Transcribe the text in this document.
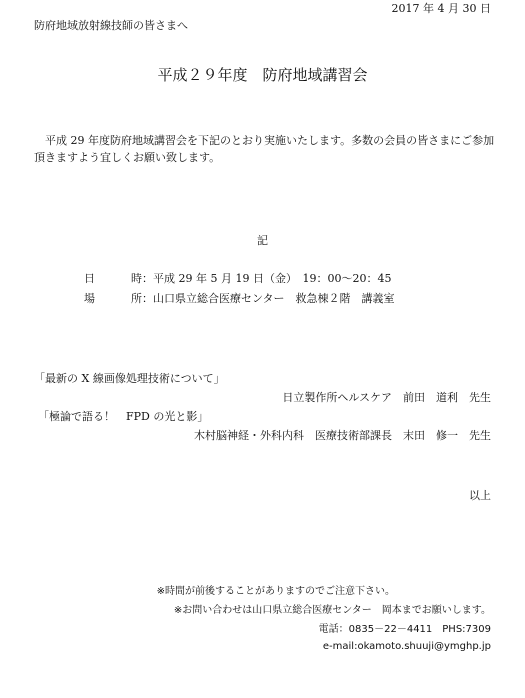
2017 年 4 月 30 日
防府地域放射線技師の皆さまへ
平成２９年度　防府地域講習会
平成 29 年度防府地域講習会を下記のとおり実施いたします。多数の会員の皆さまにご参加頂きますよう宜しくお願い致します。
記
日	時 ：平成 29 年 5 月 19 日（金）　19：00～20：45
場	所 ：山口県立総合医療センター　救急棟２階　講義室
「最新の X 線画像処理技術について」
日立製作所ヘルスケア　前田　道利　先生
「極論で語る！　FPD の光と影」
木村脳神経・外科内科　医療技術部課長　末田　修一　先生
以上
※時間が前後することがありますのでご注意下さい。
※お問い合わせは山口県立総合医療センター　岡本までお願いします。
電話：0835－22－4411　PHS:7309
e-mail:okamoto.shuuji@ymghp.jp
